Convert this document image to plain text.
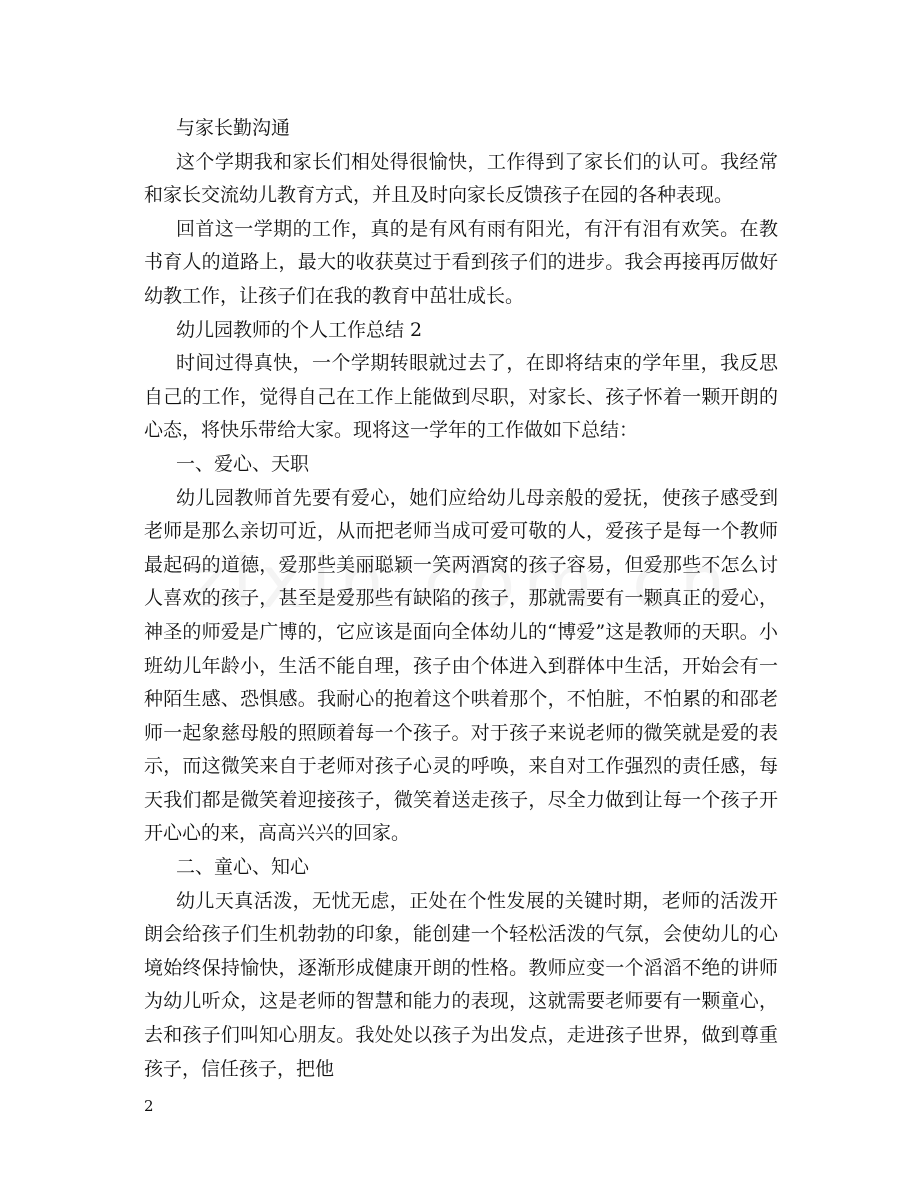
与家长勤沟通

这个学期我和家长们相处得很愉快，工作得到了家长们的认可。我经常和家长交流幼儿教育方式，并且及时向家长反馈孩子在园的各种表现。

回首这一学期的工作，真的是有风有雨有阳光，有汗有泪有欢笑。在教书育人的道路上，最大的收获莫过于看到孩子们的进步。我会再接再厉做好幼教工作，让孩子们在我的教育中茁壮成长。

幼儿园教师的个人工作总结 2

时间过得真快，一个学期转眼就过去了，在即将结束的学年里，我反思自己的工作，觉得自己在工作上能做到尽职，对家长、孩子怀着一颗开朗的心态，将快乐带给大家。现将这一学年的工作做如下总结：

一、爱心、天职

幼儿园教师首先要有爱心，她们应给幼儿母亲般的爱抚，使孩子感受到老师是那么亲切可近，从而把老师当成可爱可敬的人，爱孩子是每一个教师最起码的道德，爱那些美丽聪颖一笑两酒窝的孩子容易，但爱那些不怎么讨人喜欢的孩子，甚至是爱那些有缺陷的孩子，那就需要有一颗真正的爱心，神圣的师爱是广博的，它应该是面向全体幼儿的“博爱”这是教师的天职。小班幼儿年龄小，生活不能自理，孩子由个体进入到群体中生活，开始会有一种陌生感、恐惧感。我耐心的抱着这个哄着那个，不怕脏，不怕累的和邵老师一起象慈母般的照顾着每一个孩子。对于孩子来说老师的微笑就是爱的表示，而这微笑来自于老师对孩子心灵的呼唤，来自对工作强烈的责任感，每天我们都是微笑着迎接孩子，微笑着送走孩子，尽全力做到让每一个孩子开开心心的来，高高兴兴的回家。

二、童心、知心

幼儿天真活泼，无忧无虑，正处在个性发展的关键时期，老师的活泼开朗会给孩子们生机勃勃的印象，能创建一个轻松活泼的气氛，会使幼儿的心境始终保持愉快，逐渐形成健康开朗的性格。教师应变一个滔滔不绝的讲师为幼儿听众，这是老师的智慧和能力的表现，这就需要老师要有一颗童心，去和孩子们叫知心朋友。我处处以孩子为出发点，走进孩子世界，做到尊重孩子，信任孩子，把他

2
